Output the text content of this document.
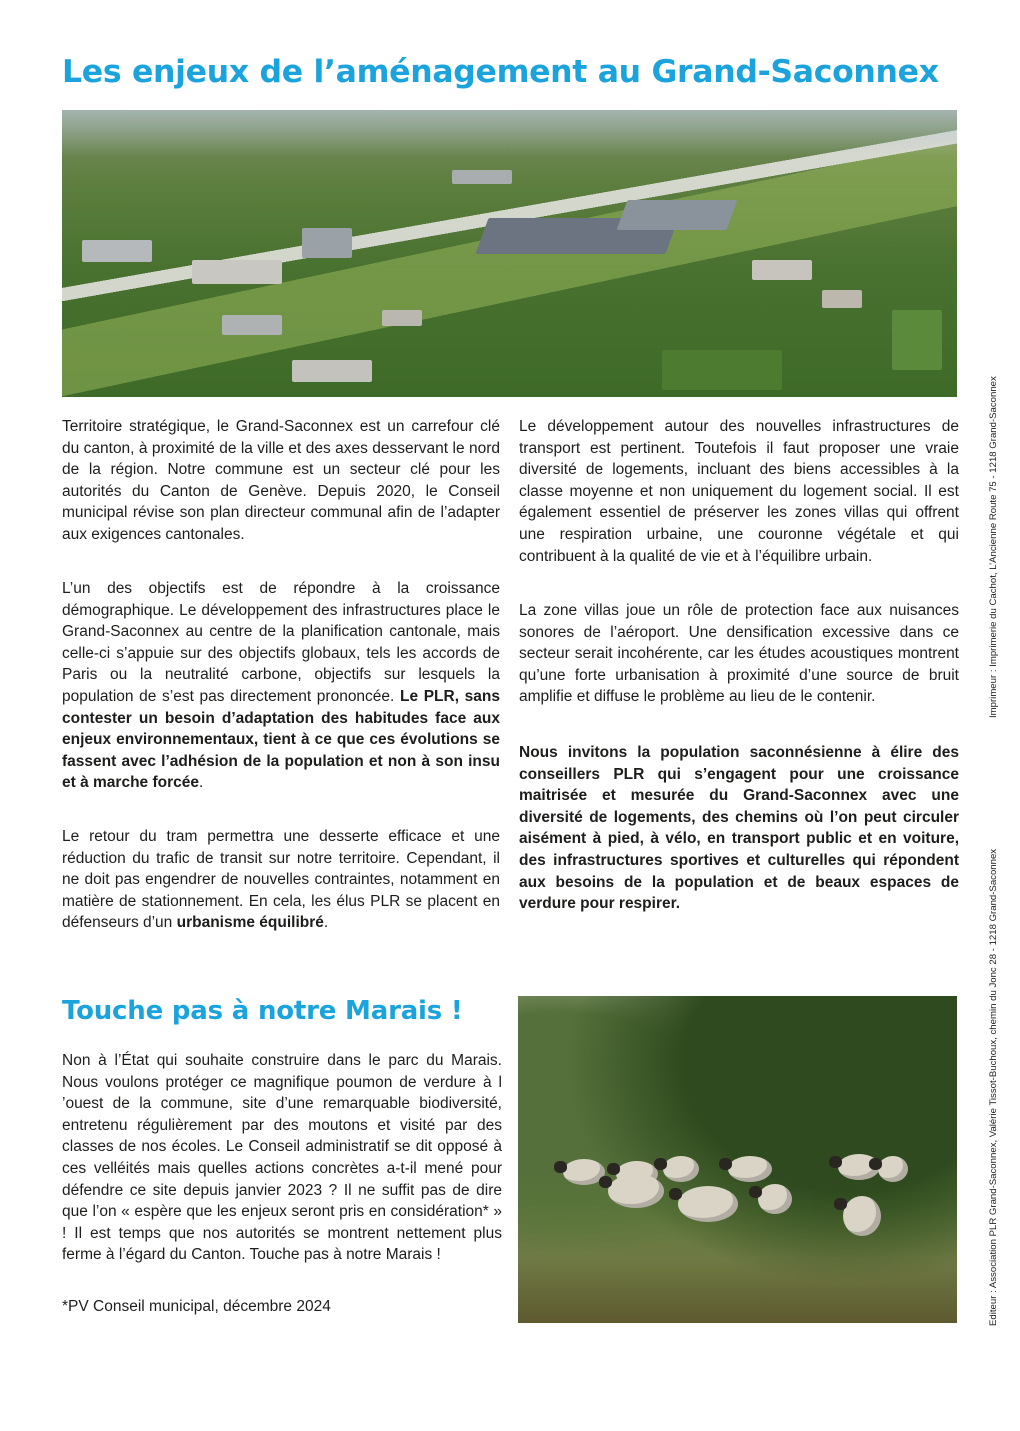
Les enjeux de l’aménagement au Grand-Saconnex
Territoire stratégique, le Grand-Saconnex est un carrefour clé du canton, à proximité de la ville et des axes desservant le nord de la région. Notre commune est un secteur clé pour les autorités du Canton de Genève. Depuis 2020, le Conseil municipal révise son plan directeur communal afin de l’adapter aux exigences cantonales.
L’un des objectifs est de répondre à la croissance démographique. Le développement des infrastructures place le Grand-Saconnex au centre de la planification cantonale, mais celle-ci s’appuie sur des objectifs globaux, tels les accords de Paris ou la neutralité carbone, objectifs sur lesquels la population de s’est pas directement prononcée. Le PLR, sans contester un besoin d’adaptation des habitudes face aux enjeux environnementaux, tient à ce que ces évolutions se fassent avec l’adhésion de la population et non à son insu et à marche forcée.
Le retour du tram permettra une desserte efficace et une réduction du trafic de transit sur notre territoire. Cependant, il ne doit pas engendrer de nouvelles contraintes, notamment en matière de stationnement. En cela, les élus PLR se placent en défenseurs d’un urbanisme équilibré.
Le développement autour des nouvelles infrastructures de transport est pertinent. Toutefois il faut proposer une vraie diversité de logements, incluant des biens accessibles à la classe moyenne et non uniquement du logement social. Il est également essentiel de préserver les zones villas qui offrent une respiration urbaine, une couronne végétale et qui contribuent à la qualité de vie et à l’équilibre urbain.
La zone villas joue un rôle de protection face aux nuisances sonores de l’aéroport. Une densification excessive dans ce secteur serait incohérente, car les études acoustiques montrent qu’une forte urbanisation à proximité d’une source de bruit amplifie et diffuse le problème au lieu de le contenir.
Nous invitons la population saconnésienne à élire des conseillers PLR qui s’engagent pour une croissance maitrisée et mesurée du Grand-Saconnex avec une diversité de logements, des chemins où l’on peut circuler aisément à pied, à vélo, en transport public et en voiture, des infrastructures sportives et culturelles qui répondent aux besoins de la population et de beaux espaces de verdure pour respirer.
Touche pas à notre Marais !
Non à l’État qui souhaite construire dans le parc du Marais. Nous voulons protéger ce magnifique poumon de verdure à l ’ouest de la commune, site d’une remarquable biodiversité, entretenu régulièrement par des moutons et visité par des classes de nos écoles. Le Conseil administratif se dit opposé à ces velléités mais quelles actions concrètes a-t-il mené pour défendre ce site depuis janvier 2023 ? Il ne suffit pas de dire que l’on « espère que les enjeux seront pris en considération* » ! Il est temps que nos autorités se montrent nettement plus ferme à l’égard du Canton. Touche pas à notre Marais !
*PV Conseil municipal, décembre 2024	Editeur : Association PLR Grand-Saconnex, Valérie Tissot-Buchoux, chemin du Jonc 28 - 1218 Grand-Saconnex
Imprimeur : Imprimerie du Cachot, L’Ancienne Route 75 - 1218 Grand-Saconnex
